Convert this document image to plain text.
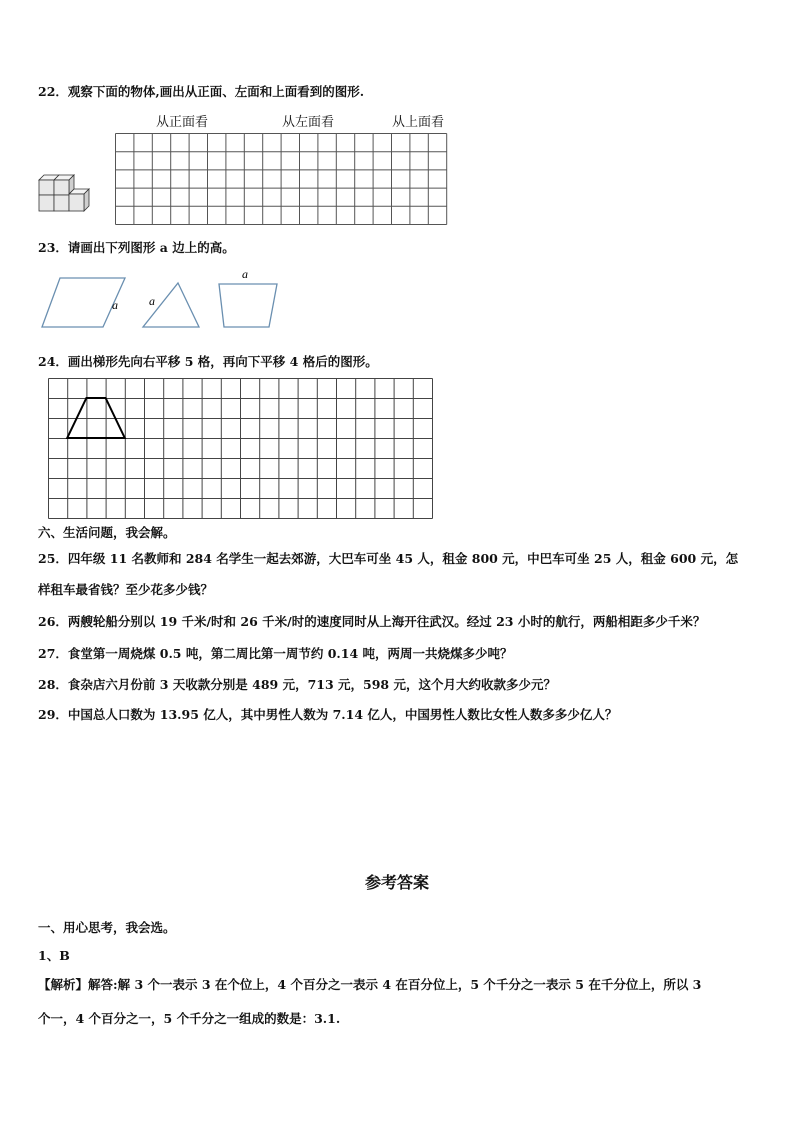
22．观察下面的物体,画出从正面、左面和上面看到的图形.
从正面看	从左面看	从上面看
23．请画出下列图形 a 边上的高。
a	a
a
24．画出梯形先向右平移 5 格，再向下平移 4 格后的图形。
六、生活问题，我会解。
25．四年级 11 名教师和 284 名学生一起去郊游，大巴车可坐 45 人，租金 800 元，中巴车可坐 25 人，租金 600 元，怎
样租车最省钱？至少花多少钱？
26．两艘轮船分别以 19 千米/时和 26 千米/时的速度同时从上海开往武汉。经过 23 小时的航行，两船相距多少千米？
27．食堂第一周烧煤 0.5 吨，第二周比第一周节约 0.14 吨，两周一共烧煤多少吨？
28．食杂店六月份前 3 天收款分别是 489 元，713 元，598 元，这个月大约收款多少元？
29．中国总人口数为 13.95 亿人，其中男性人数为 7.14 亿人，中国男性人数比女性人数多多少亿人？
参考答案
一、用心思考，我会选。
1、B
【解析】解答:解 3 个一表示 3 在个位上，4 个百分之一表示 4 在百分位上，5 个千分之一表示 5 在千分位上，所以 3
个一，4 个百分之一，5 个千分之一组成的数是：3.1.
